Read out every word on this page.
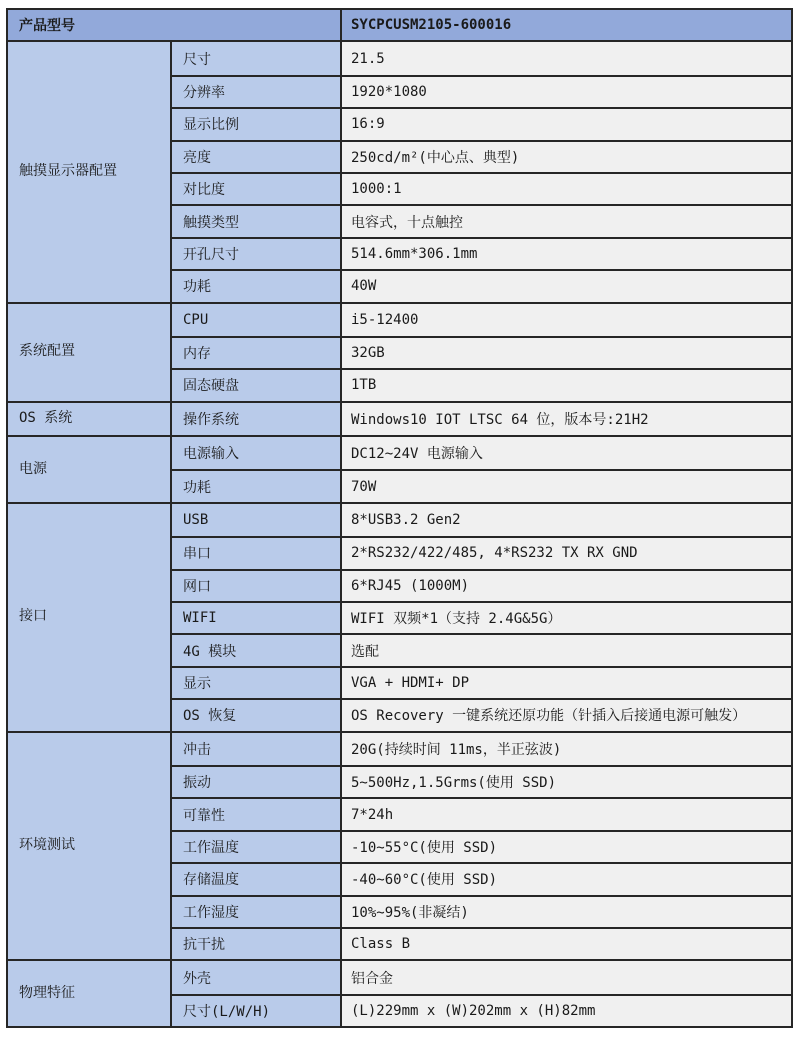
产品型号	SYCPCUSM2105-600016
触摸显示器配置
尺寸	21.5
分辨率	1920*1080
显示比例	16:9
亮度	250cd/m²(中心点、典型)
对比度	1000:1
触摸类型	电容式，十点触控
开孔尺寸	514.6mm*306.1mm
功耗	40W
系统配置
CPU	i5-12400
内存	32GB
固态硬盘	1TB
OS 系统	操作系统	Windows10 IOT LTSC 64 位，版本号:21H2
电源
电源输入	DC12~24V 电源输入
功耗	70W
接口
USB	8*USB3.2 Gen2
串口	2*RS232/422/485, 4*RS232 TX RX GND
网口	6*RJ45 (1000M)
WIFI	WIFI 双频*1（支持 2.4G&5G）
4G 模块	选配
显示	VGA + HDMI+ DP
OS 恢复	OS Recovery 一键系统还原功能（针插入后接通电源可触发）
环境测试
冲击	20G(持续时间 11ms，半正弦波)
振动	5~500Hz,1.5Grms(使用 SSD)
可靠性	7*24h
工作温度	-10~55°C(使用 SSD)
存储温度	-40~60°C(使用 SSD)
工作湿度	10%~95%(非凝结)
抗干扰	Class B
物理特征
外壳	铝合金
尺寸(L/W/H)	(L)229mm x (W)202mm x (H)82mm
